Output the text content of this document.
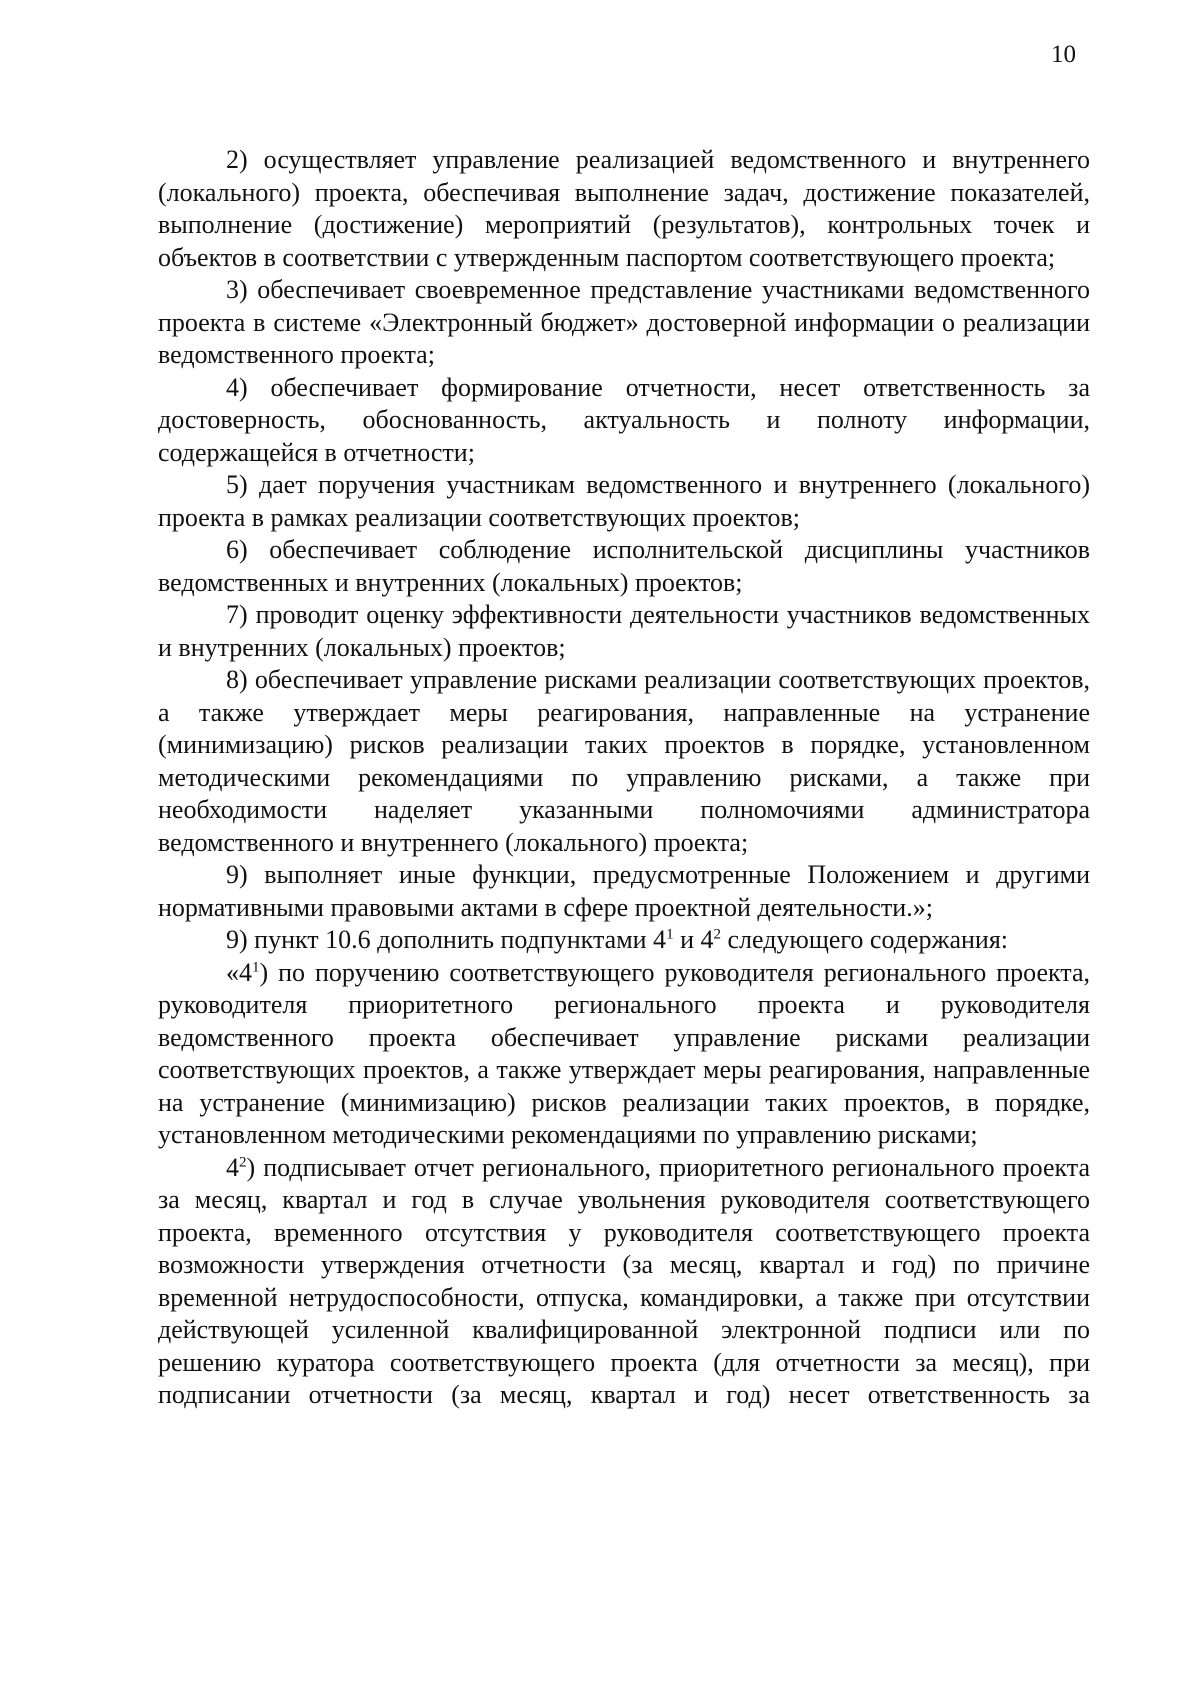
10

2) осуществляет управление реализацией ведомственного и внутреннего (локального) проекта, обеспечивая выполнение задач, достижение показателей, выполнение (достижение) мероприятий (результатов), контрольных точек и объектов в соответствии с утвержденным паспортом соответствующего проекта;

3) обеспечивает своевременное представление участниками ведомственного проекта в системе «Электронный бюджет» достоверной информации о реализации ведомственного проекта;

4) обеспечивает формирование отчетности, несет ответственность за достоверность, обоснованность, актуальность и полноту информации, содержащейся в отчетности;

5) дает поручения участникам ведомственного и внутреннего (локального) проекта в рамках реализации соответствующих проектов;

6) обеспечивает соблюдение исполнительской дисциплины участников ведомственных и внутренних (локальных) проектов;

7) проводит оценку эффективности деятельности участников ведомственных и внутренних (локальных) проектов;

8) обеспечивает управление рисками реализации соответствующих проектов, а также утверждает меры реагирования, направленные на устранение (минимизацию) рисков реализации таких проектов в порядке, установленном методическими рекомендациями по управлению рисками, а также при необходимости наделяет указанными полномочиями администратора ведомственного и внутреннего (локального) проекта;

9) выполняет иные функции, предусмотренные Положением и другими нормативными правовыми актами в сфере проектной деятельности.»;

9) пункт 10.6 дополнить подпунктами $4^1$ и $4^2$ следующего содержания:

«$4^1$) по поручению соответствующего руководителя регионального проекта, руководителя приоритетного регионального проекта и руководителя ведомственного проекта обеспечивает управление рисками реализации соответствующих проектов, а также утверждает меры реагирования, направленные на устранение (минимизацию) рисков реализации таких проектов, в порядке, установленном методическими рекомендациями по управлению рисками;

$4^2$) подписывает отчет регионального, приоритетного регионального проекта за месяц, квартал и год в случае увольнения руководителя соответствующего проекта, временного отсутствия у руководителя соответствующего проекта возможности утверждения отчетности (за месяц, квартал и год) по причине временной нетрудоспособности, отпуска, командировки, а также при отсутствии действующей усиленной квалифицированной электронной подписи или по решению куратора соответствующего проекта (для отчетности за месяц), при подписании отчетности (за месяц, квартал и год) несет ответственность за
